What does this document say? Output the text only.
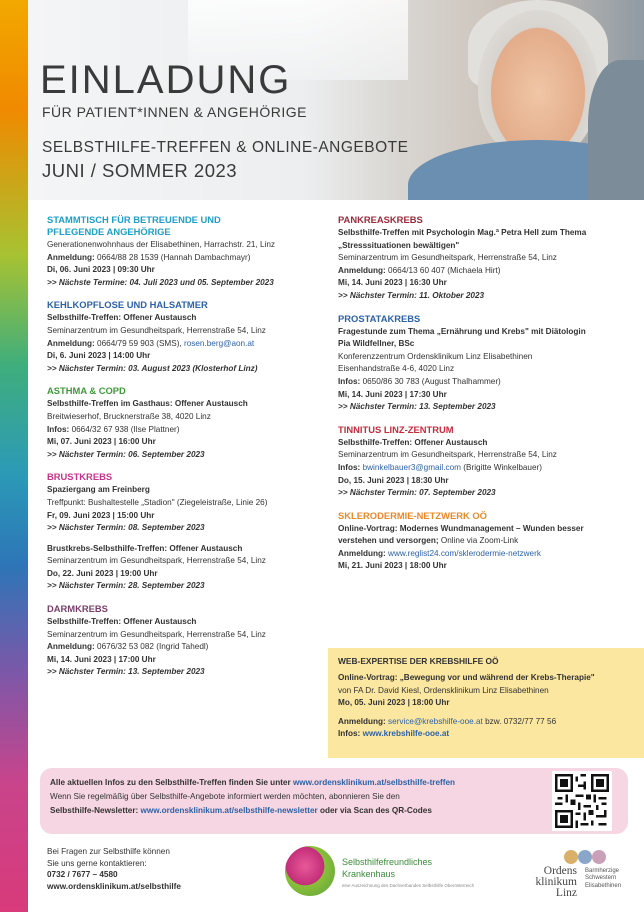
EINLADUNG
FÜR PATIENT*INNEN & ANGEHÖRIGE
SELBSTHILFE-TREFFEN & ONLINE-ANGEBOTE
JUNI / SOMMER 2023
STAMMTISCH FÜR BETREUENDE UND
PFLEGENDE ANGEHÖRIGE
Generationenwohnhaus der Elisabethinen, Harrachstr. 21, Linz
Anmeldung: 0664/88 28 1539 (Hannah Dambachmayr)
Di, 06. Juni 2023 | 09:30 Uhr
>> Nächste Termine: 04. Juli 2023 und 05. September 2023
KEHLKOPFLOSE UND HALSATMER
Selbsthilfe-Treffen: Offener Austausch
Seminarzentrum im Gesundheitspark, Herrenstraße 54, Linz
Anmeldung: 0664/79 59 903 (SMS), rosen.berg@aon.at
Di, 6. Juni 2023 | 14:00 Uhr
>> Nächster Termin: 03. August 2023 (Klosterhof Linz)
ASTHMA & COPD
Selbsthilfe-Treffen im Gasthaus: Offener Austausch
Breitwieserhof, Brucknerstraße 38, 4020 Linz
Infos: 0664/32 67 938 (Ilse Plattner)
Mi, 07. Juni 2023 | 16:00 Uhr
>> Nächster Termin: 06. September 2023
BRUSTKREBS
Spaziergang am Freinberg
Treffpunkt: Bushaltestelle „Stadion" (Ziegeleistraße, Linie 26)
Fr, 09. Juni 2023 | 15:00 Uhr
>> Nächster Termin: 08. September 2023
Brustkrebs-Selbsthilfe-Treffen: Offener Austausch
Seminarzentrum im Gesundheitspark, Herrenstraße 54, Linz
Do, 22. Juni 2023 | 19:00 Uhr
>> Nächster Termin: 28. September 2023
DARMKREBS
Selbsthilfe-Treffen: Offener Austausch
Seminarzentrum im Gesundheitspark, Herrenstraße 54, Linz
Anmeldung: 0676/32 53 082 (Ingrid Tahedl)
Mi, 14. Juni 2023 | 17:00 Uhr
>> Nächster Termin: 13. September 2023
PANKREASKREBS
Selbsthilfe-Treffen mit Psychologin Mag.ª Petra Hell zum Thema
„Stresssituationen bewältigen"
Seminarzentrum im Gesundheitspark, Herrenstraße 54, Linz
Anmeldung: 0664/13 60 407 (Michaela Hirt)
Mi, 14. Juni 2023 | 16:30 Uhr
>> Nächster Termin: 11. Oktober 2023
PROSTATAKREBS
Fragestunde zum Thema „Ernährung und Krebs" mit Diätologin
Pia Wildfellner, BSc
Konferenzzentrum Ordensklinikum Linz Elisabethinen
Eisenhandstraße 4-6, 4020 Linz
Infos: 0650/86 30 783 (August Thalhammer)
Mi, 14. Juni 2023 | 17:30 Uhr
>> Nächster Termin: 13. September 2023
TINNITUS LINZ-ZENTRUM
Selbsthilfe-Treffen: Offener Austausch
Seminarzentrum im Gesundheitspark, Herrenstraße 54, Linz
Infos: bwinkelbauer3@gmail.com (Brigitte Winkelbauer)
Do, 15. Juni 2023 | 18:30 Uhr
>> Nächster Termin: 07. September 2023
SKLERODERMIE-NETZWERK OÖ
Online-Vortrag: Modernes Wundmanagement – Wunden besser
verstehen und versorgen; Online via Zoom-Link
Anmeldung: www.reglist24.com/sklerodermie-netzwerk
Mi, 21. Juni 2023 | 18:00 Uhr
WEB-EXPERTISE DER KREBSHILFE OÖ
Online-Vortrag: „Bewegung vor und während der Krebs-Therapie"
von FA Dr. David Kiesl, Ordensklinikum Linz Elisabethinen
Mo, 05. Juni 2023 | 18:00 Uhr
Anmeldung: service@krebshilfe-ooe.at bzw. 0732/77 77 56
Infos: www.krebshilfe-ooe.at
Alle aktuellen Infos zu den Selbsthilfe-Treffen finden Sie unter www.ordensklinikum.at/selbsthilfe-treffen
Wenn Sie regelmäßig über Selbsthilfe-Angebote informiert werden möchten, abonnieren Sie den
Selbsthilfe-Newsletter: www.ordensklinikum.at/selbsthilfe-newsletter oder via Scan des QR-Codes
Bei Fragen zur Selbsthilfe können
Sie uns gerne kontaktieren:
0732 / 7677 – 4580
www.ordensklinikum.at/selbsthilfe
Selbsthilfefreundliches
Krankenhaus
eine Auszeichnung des Dachverbandes Selbsthilfe Oberösterreich
Ordens
klinikum
Linz
Barmherzige
Schwestern
Elisabethinen
